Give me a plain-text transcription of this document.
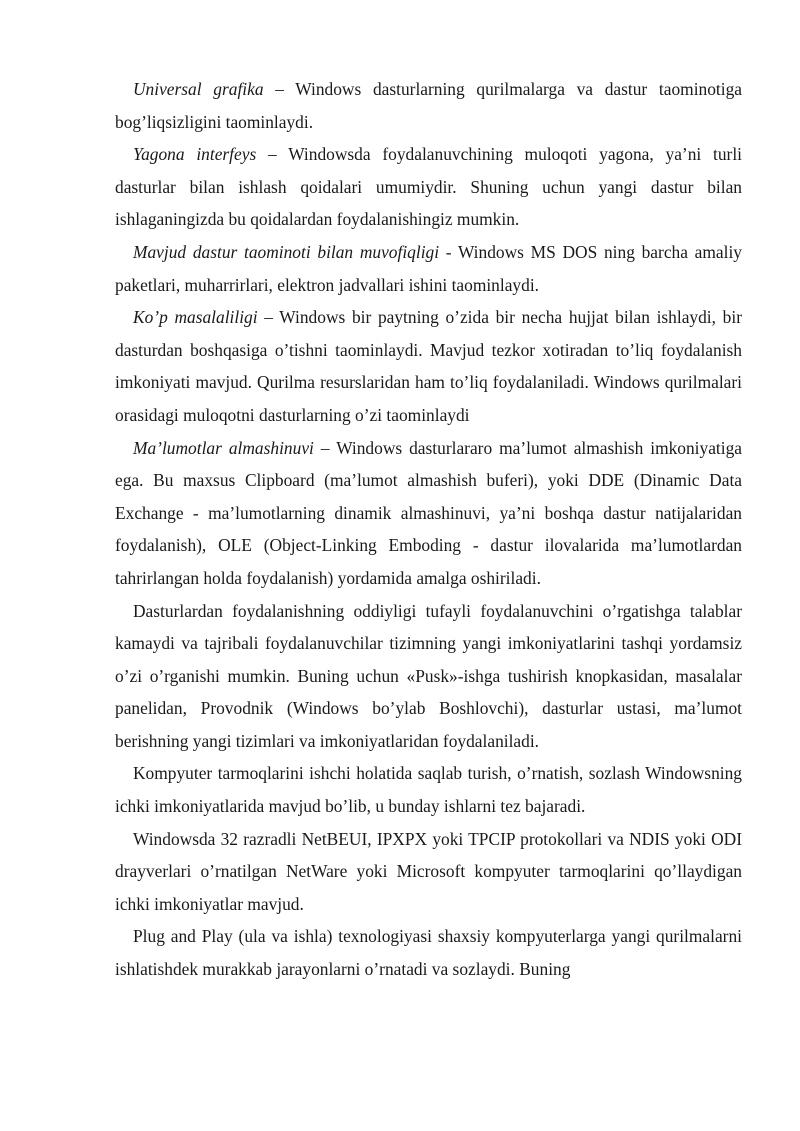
Universal grafika – Windows dasturlarning qurilmalarga va dastur taominotiga bog’liqsizligini taominlaydi.

Yagona interfeys – Windowsda foydalanuvchining muloqoti yagona, ya’ni turli dasturlar bilan ishlash qoidalari umumiydir. Shuning uchun yangi dastur bilan ishlaganingizda bu qoidalardan foydalanishingiz mumkin.

Mavjud dastur taominoti bilan muvofiqligi - Windows MS DOS ning barcha amaliy paketlari, muharrirlari, elektron jadvallari ishini taominlaydi.

Ko’p masalaliligi – Windows bir paytning o’zida bir necha hujjat bilan ishlaydi, bir dasturdan boshqasiga o’tishni taominlaydi. Mavjud tezkor xotiradan to’liq foydalanish imkoniyati mavjud. Qurilma resurslaridan ham to’liq foydalaniladi. Windows qurilmalari orasidagi muloqotni dasturlarning o’zi taominlaydi

Ma’lumotlar almashinuvi – Windows dasturlararo ma’lumot almashish imkoniyatiga ega. Bu maxsus Clipboard (ma’lumot almashish buferi), yoki DDE (Dinamic Data Exchange - ma’lumotlarning dinamik almashinuvi, ya’ni boshqa dastur natijalaridan foydalanish), OLE (Object-Linking Emboding - dastur ilovalarida ma’lumotlardan tahrirlangan holda foydalanish) yordamida amalga oshiriladi.

Dasturlardan foydalanishning oddiyligi tufayli foydalanuvchini o’rgatishga talablar kamaydi va tajribali foydalanuvchilar tizimning yangi imkoniyatlarini tashqi yordamsiz o’zi o’rganishi mumkin. Buning uchun «Pusk»-ishga tushirish knopkasidan, masalalar panelidan, Provodnik (Windows bo’ylab Boshlovchi), dasturlar ustasi, ma’lumot berishning yangi tizimlari va imkoniyatlaridan foydalaniladi.

Kompyuter tarmoqlarini ishchi holatida saqlab turish, o’rnatish, sozlash Windowsning ichki imkoniyatlarida mavjud bo’lib, u bunday ishlarni tez bajaradi.

Windowsda 32 razradli NetBEUI, IPXPX yoki TPCIP protokollari va NDIS yoki ODI drayverlari o’rnatilgan NetWare yoki Microsoft kompyuter tarmoqlarini qo’llaydigan ichki imkoniyatlar mavjud.

Plug and Play (ula va ishla) texnologiyasi shaxsiy kompyuterlarga yangi qurilmalarni ishlatishdek murakkab jarayonlarni o’rnatadi va sozlaydi. Buning
